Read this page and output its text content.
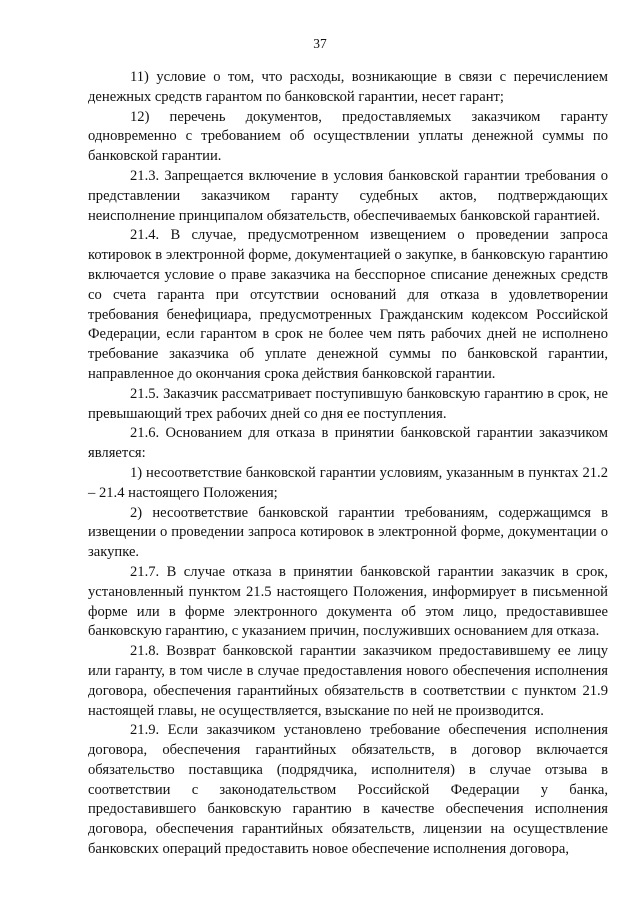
37

11) условие о том, что расходы, возникающие в связи с перечислением денежных средств гарантом по банковской гарантии, несет гарант;

12) перечень документов, предоставляемых заказчиком гаранту одновременно с требованием об осуществлении уплаты денежной суммы по банковской гарантии.

21.3. Запрещается включение в условия банковской гарантии требования о представлении заказчиком гаранту судебных актов, подтверждающих неисполнение принципалом обязательств, обеспечиваемых банковской гарантией.

21.4. В случае, предусмотренном извещением о проведении запроса котировок в электронной форме, документацией о закупке, в банковскую гарантию включается условие о праве заказчика на бесспорное списание денежных средств со счета гаранта при отсутствии оснований для отказа в удовлетворении требования бенефициара, предусмотренных Гражданским кодексом Российской Федерации, если гарантом в срок не более чем пять рабочих дней не исполнено требование заказчика об уплате денежной суммы по банковской гарантии, направленное до окончания срока действия банковской гарантии.

21.5. Заказчик рассматривает поступившую банковскую гарантию в срок, не превышающий трех рабочих дней со дня ее поступления.

21.6. Основанием для отказа в принятии банковской гарантии заказчиком является:

1) несоответствие банковской гарантии условиям, указанным в пунктах 21.2 – 21.4 настоящего Положения;

2) несоответствие банковской гарантии требованиям, содержащимся в извещении о проведении запроса котировок в электронной форме, документации о закупке.

21.7. В случае отказа в принятии банковской гарантии заказчик в срок, установленный пунктом 21.5 настоящего Положения, информирует в письменной форме или в форме электронного документа об этом лицо, предоставившее банковскую гарантию, с указанием причин, послуживших основанием для отказа.

21.8. Возврат банковской гарантии заказчиком предоставившему ее лицу или гаранту, в том числе в случае предоставления нового обеспечения исполнения договора, обеспечения гарантийных обязательств в соответствии с пунктом 21.9 настоящей главы, не осуществляется, взыскание по ней не производится.

21.9. Если заказчиком установлено требование обеспечения исполнения договора, обеспечения гарантийных обязательств, в договор включается обязательство поставщика (подрядчика, исполнителя) в случае отзыва в соответствии с законодательством Российской Федерации у банка, предоставившего банковскую гарантию в качестве обеспечения исполнения договора, обеспечения гарантийных обязательств, лицензии на осуществление банковских операций предоставить новое обеспечение исполнения договора,
